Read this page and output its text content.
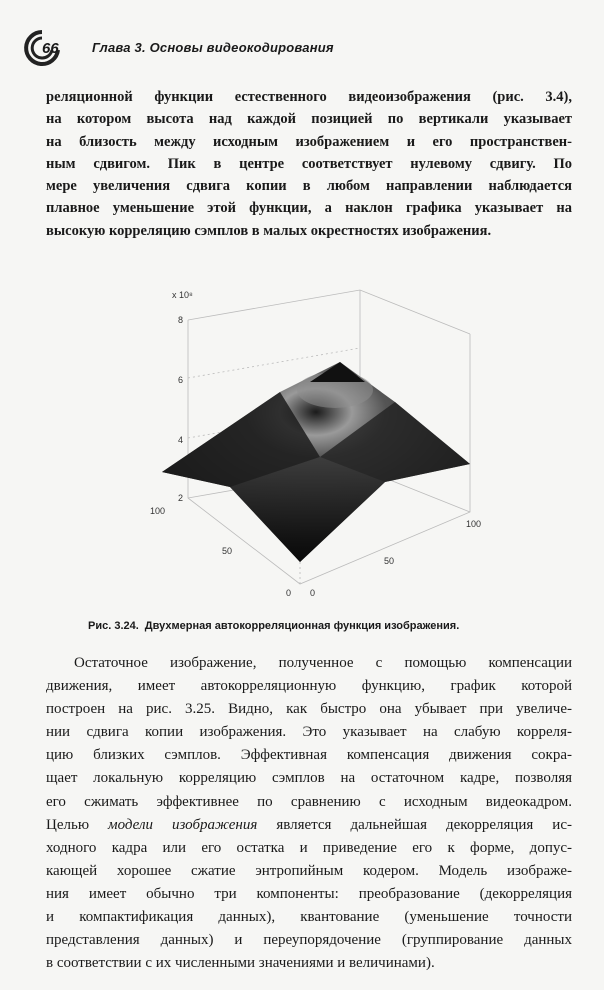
66	Глава 3. Основы видеокодирования
реляционной функции естественного видеоизображения (рис. 3.4),
на котором высота над каждой позицией по вертикали указывает
на близость между исходным изображением и его пространствен-
ным сдвигом. Пик в центре соответствует нулевому сдвигу. По
мере увеличения сдвига копии в любом направлении наблюдается
плавное уменьшение этой функции, а наклон графика указывает на
высокую корреляцию сэмплов в малых окрестностях изображения.
x 10⁸
8
6
4
2
100
50
0 0
50
100
Рис. 3.24. Двухмерная автокорреляционная функция изображения.
Остаточное изображение, полученное с помощью компенсации
движения, имеет автокорреляционную функцию, график которой
построен на рис. 3.25. Видно, как быстро она убывает при увеличе-
нии сдвига копии изображения. Это указывает на слабую корреля-
цию близких сэмплов. Эффективная компенсация движения сокра-
щает локальную корреляцию сэмплов на остаточном кадре, позволяя
его сжимать эффективнее по сравнению с исходным видеокадром.
Целью модели изображения является дальнейшая декорреляция ис-
ходного кадра или его остатка и приведение его к форме, допус-
кающей хорошее сжатие энтропийным кодером. Модель изображе-
ния имеет обычно три компоненты: преобразование (декорреляция
и компактификация данных), квантование (уменьшение точности
представления данных) и переупорядочение (группирование данных
в соответствии с их численными значениями и величинами).
